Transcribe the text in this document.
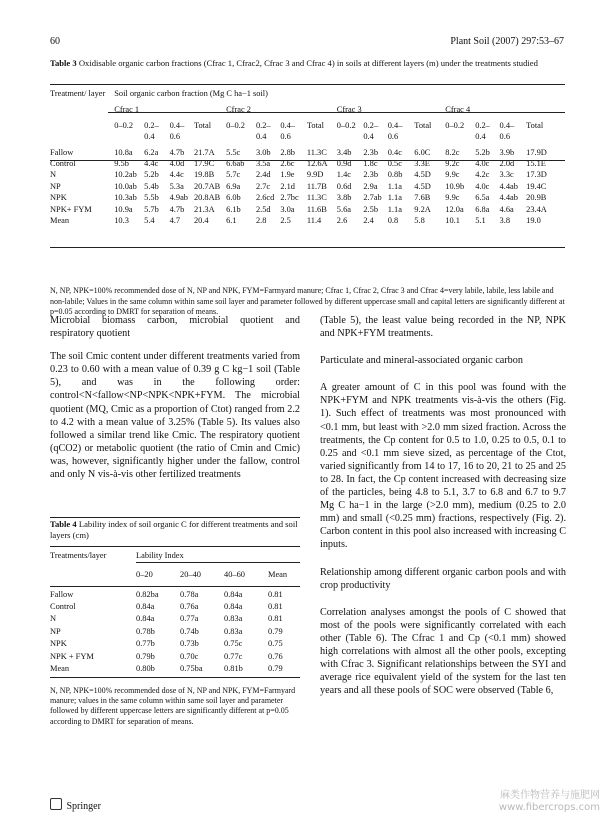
60	Plant Soil (2007) 297:53–67
Table 3 Oxidisable organic carbon fractions (Cfrac 1, Cfrac2, Cfrac 3 and Cfrac 4) in soils at different layers (m) under the treatments studied
Treatment/ layer	Soil organic carbon fraction (Mg C ha−1 soil)															
	Cfrac 1				Cfrac 2				Cfrac 3				Cfrac 4			
	0–0.2	0.2– 0.4	0.4– 0.6	Total	0–0.2	0.2– 0.4	0.4– 0.6	Total	0–0.2	0.2– 0.4	0.4– 0.6	Total	0–0.2	0.2– 0.4	0.4– 0.6	Total
Fallow	10.8a	6.2a	4.7b	21.7A	5.5c	3.0b	2.8b	11.3C	3.4b	2.3b	0.4c	6.0C	8.2c	5.2b	3.9b	17.9D
Control	9.5b	4.4c	4.0d	17.9C	6.6ab	3.5a	2.6c	12.6A	0.9d	1.8c	0.5c	3.3E	9.2c	4.0c	2.0d	15.1E
N	10.2ab	5.2b	4.4c	19.8B	5.7c	2.4d	1.9e	9.9D	1.4c	2.3b	0.8b	4.5D	9.9c	4.2c	3.3c	17.3D
NP	10.0ab	5.4b	5.3a	20.7AB	6.9a	2.7c	2.1d	11.7B	0.6d	2.9a	1.1a	4.5D	10.9b	4.0c	4.4ab	19.4C
NPK	10.3ab	5.5b	4.9ab	20.8AB	6.0b	2.6cd	2.7bc	11.3C	3.8b	2.7ab	1.1a	7.6B	9.9c	6.5a	4.4ab	20.9B
NPK+ FYM	10.9a	5.7b	4.7b	21.3A	6.1b	2.5d	3.0a	11.6B	5.6a	2.5b	1.1a	9.2A	12.0a	6.8a	4.6a	23.4A
Mean	10.3	5.4	4.7	20.4	6.1	2.8	2.5	11.4	2.6	2.4	0.8	5.8	10.1	5.1	3.8	19.0
N, NP, NPK=100% recommended dose of N, NP and NPK, FYM=Farmyard manure; Cfrac 1, Cfrac 2, Cfrac 3 and Cfrac 4=very labile, labile, less labile and non-labile; Values in the same column within same soil layer and parameter followed by different uppercase small and capital letters are significantly different at p=0.05 according to DMRT for separation of means.

Microbial biomass carbon, microbial quotient and respiratory quotient

The soil Cmic content under different treatments varied from 0.23 to 0.60 with a mean value of 0.39 g C kg−1 soil (Table 5), and was in the following order: control<N<fallow<NP<NPK<NPK+FYM. The microbial quotient (MQ, Cmic as a proportion of Ctot) ranged from 2.2 to 4.2 with a mean value of 3.25% (Table 5). Its values also followed a similar trend like Cmic. The respiratory quotient (qCO2) or metabolic quotient (the ratio of Cmin and Cmic) was, however, significantly higher under the fallow, control and only N vis-à-vis other fertilized treatments

Table 4 Lability index of soil organic C for different treatments and soil layers (cm)
Treatments/layer	Lability Index			
	0–20	20–40	40–60	Mean
Fallow	0.82ba	0.78a	0.84a	0.81
Control	0.84a	0.76a	0.84a	0.81
N	0.84a	0.77a	0.83a	0.81
NP	0.78b	0.74b	0.83a	0.79
NPK	0.77b	0.73b	0.75c	0.75
NPK + FYM	0.79b	0.70c	0.77c	0.76
Mean	0.80b	0.75ba	0.81b	0.79
N, NP, NPK=100% recommended dose of N, NP and NPK, FYM=Farmyard manure; values in the same column within same soil layer and parameter followed by different uppercase letters are significantly different at p=0.05 according to DMRT for separation of means.

(Table 5), the least value being recorded in the NP, NPK and NPK+FYM treatments.

Particulate and mineral-associated organic carbon

A greater amount of C in this pool was found with the NPK+FYM and NPK treatments vis-à-vis the others (Fig. 1). Such effect of treatments was most pronounced with <0.1 mm, but least with >2.0 mm sized fraction. Across the treatments, the Cp content for 0.5 to 1.0, 0.25 to 0.5, 0.1 to 0.25 and <0.1 mm sieve sized, as percentage of the Ctot, varied significantly from 14 to 17, 16 to 20, 21 to 25 and 25 to 28. In fact, the Cp content increased with decreasing size of the particles, being 4.8 to 5.1, 3.7 to 6.8 and 6.7 to 9.7 Mg C ha−1 in the large (>2.0 mm), medium (0.25 to 2.0 mm) and small (<0.25 mm) fractions, respectively (Fig. 2). Carbon content in this pool also increased with increasing C inputs.

Relationship among different organic carbon pools and with crop productivity

Correlation analyses amongst the pools of C showed that most of the pools were significantly correlated with each other (Table 6). The Cfrac 1 and Cp (<0.1 mm) showed high correlations with almost all the other pools, excepting with Cfrac 3. Significant relationships between the SYI and average rice equivalent yield of the system for the last ten years and all these pools of SOC were observed (Table 6,

Springer
麻类作物营养与施肥网
www.fibercrops.com
